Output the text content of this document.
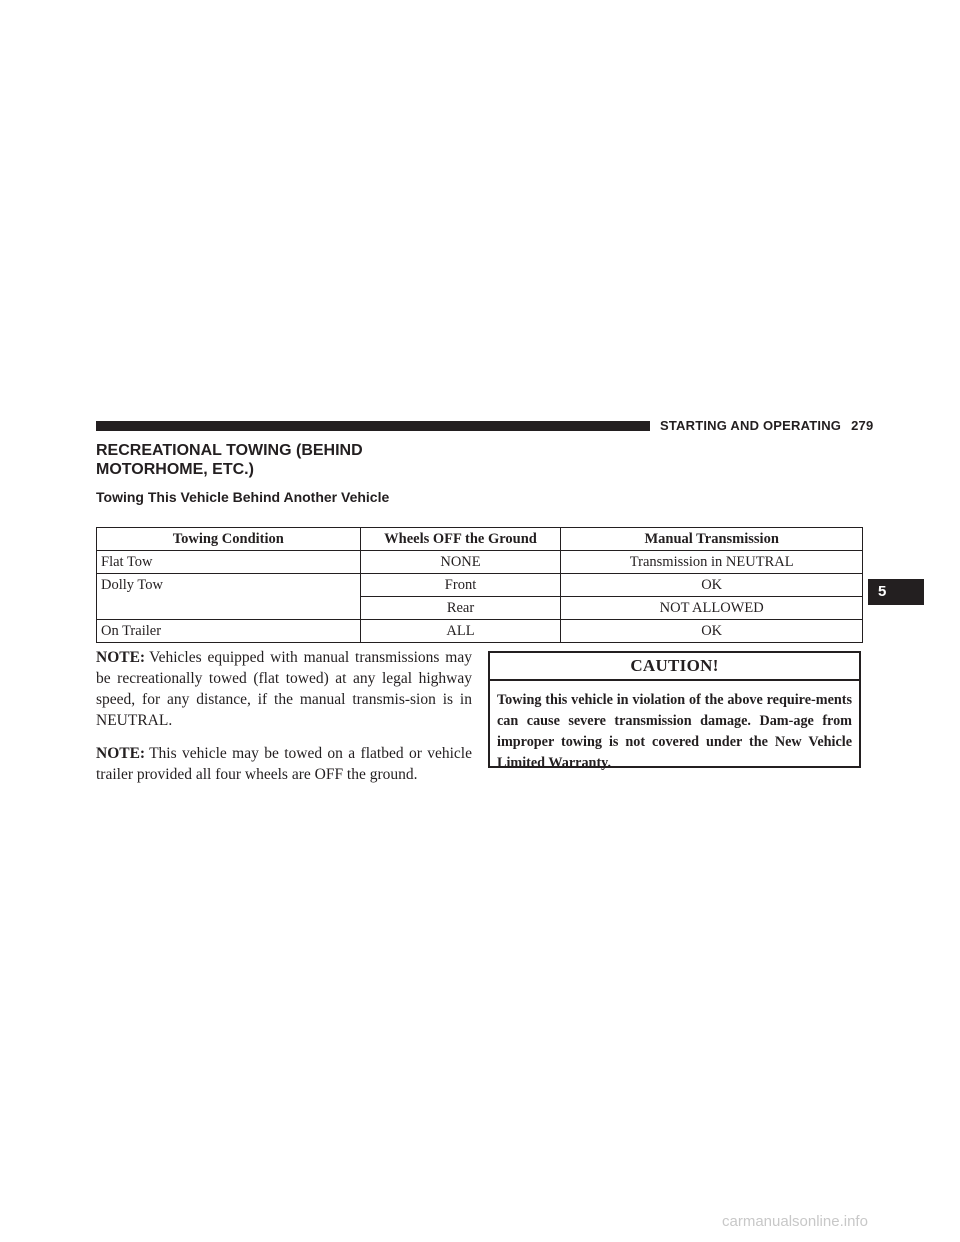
STARTING AND OPERATING 279
RECREATIONAL TOWING (BEHIND
MOTORHOME, ETC.)
Towing This Vehicle Behind Another Vehicle
Towing Condition	Wheels OFF the Ground	Manual Transmission
Flat Tow	NONE	Transmission in NEUTRAL
Dolly Tow	Front	OK
	Rear	NOT ALLOWED
On Trailer	ALL	OK

NOTE: Vehicles equipped with manual transmissions may be recreationally towed (flat towed) at any legal highway speed, for any distance, if the manual transmis-sion is in NEUTRAL.

NOTE: This vehicle may be towed on a flatbed or vehicle trailer provided all four wheels are OFF the ground.

CAUTION!
Towing this vehicle in violation of the above require-ments can cause severe transmission damage. Dam-age from improper towing is not covered under the New Vehicle Limited Warranty.
5
carmanualsonline.info
